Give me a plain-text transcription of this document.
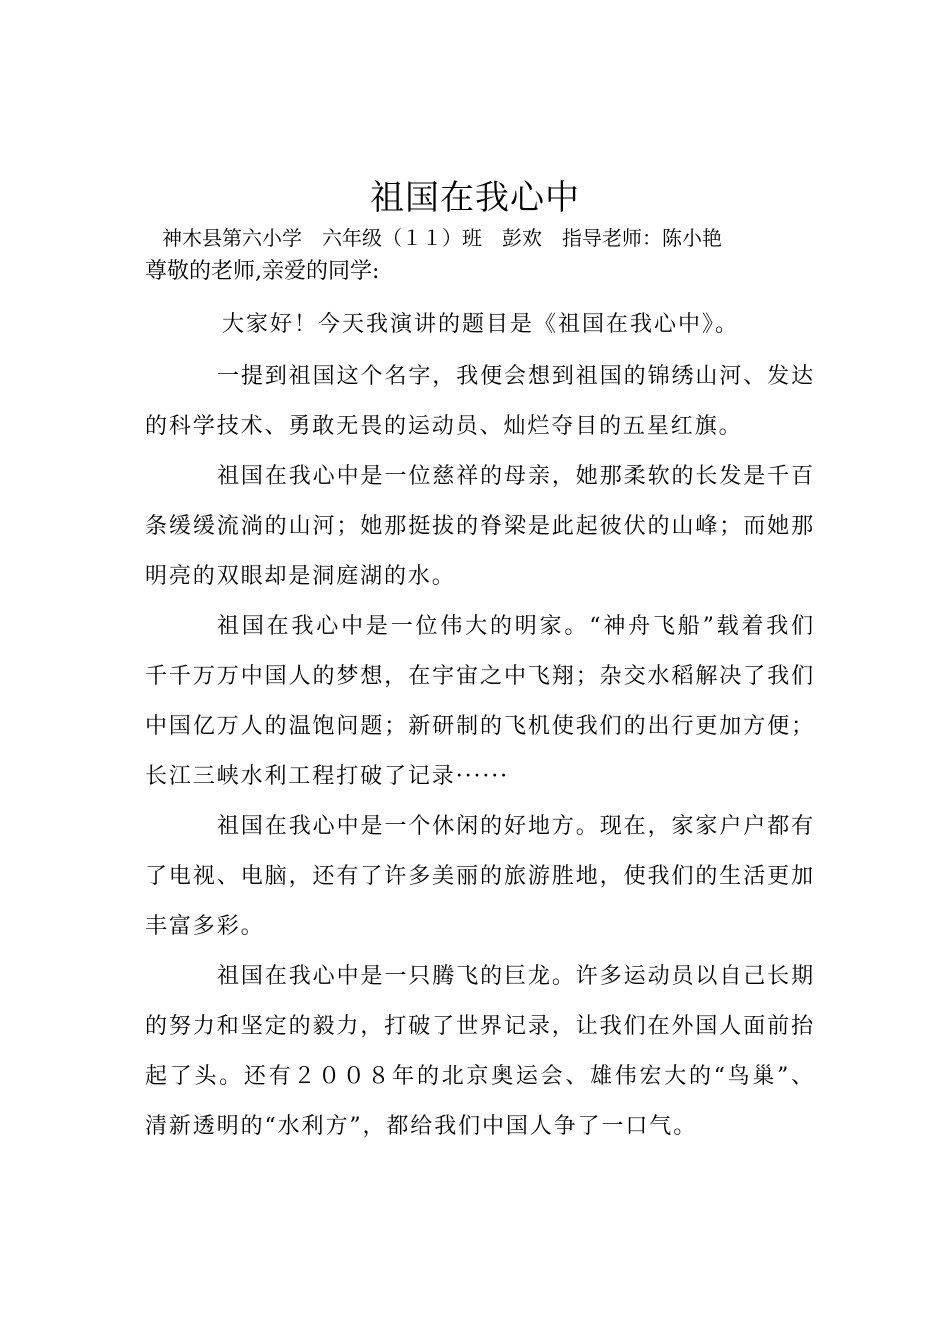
祖国在我心中

神木县第六小学　六年级（１１）班　彭欢　指导老师：陈小艳

尊敬的老师,亲爱的同学:

大家好！今天我演讲的题目是《祖国在我心中》。

一提到祖国这个名字，我便会想到祖国的锦绣山河、发达的科学技术、勇敢无畏的运动员、灿烂夺目的五星红旗。

祖国在我心中是一位慈祥的母亲，她那柔软的长发是千百条缓缓流淌的山河；她那挺拔的脊梁是此起彼伏的山峰；而她那明亮的双眼却是洞庭湖的水。

祖国在我心中是一位伟大的明家。“神舟飞船”载着我们千千万万中国人的梦想，在宇宙之中飞翔；杂交水稻解决了我们中国亿万人的温饱问题；新研制的飞机使我们的出行更加方便；长江三峡水利工程打破了记录······

祖国在我心中是一个休闲的好地方。现在，家家户户都有了电视、电脑，还有了许多美丽的旅游胜地，使我们的生活更加丰富多彩。

祖国在我心中是一只腾飞的巨龙。许多运动员以自己长期的努力和坚定的毅力，打破了世界记录，让我们在外国人面前抬起了头。还有２００８年的北京奥运会、雄伟宏大的“鸟巢”、清新透明的“水利方”，都给我们中国人争了一口气。
